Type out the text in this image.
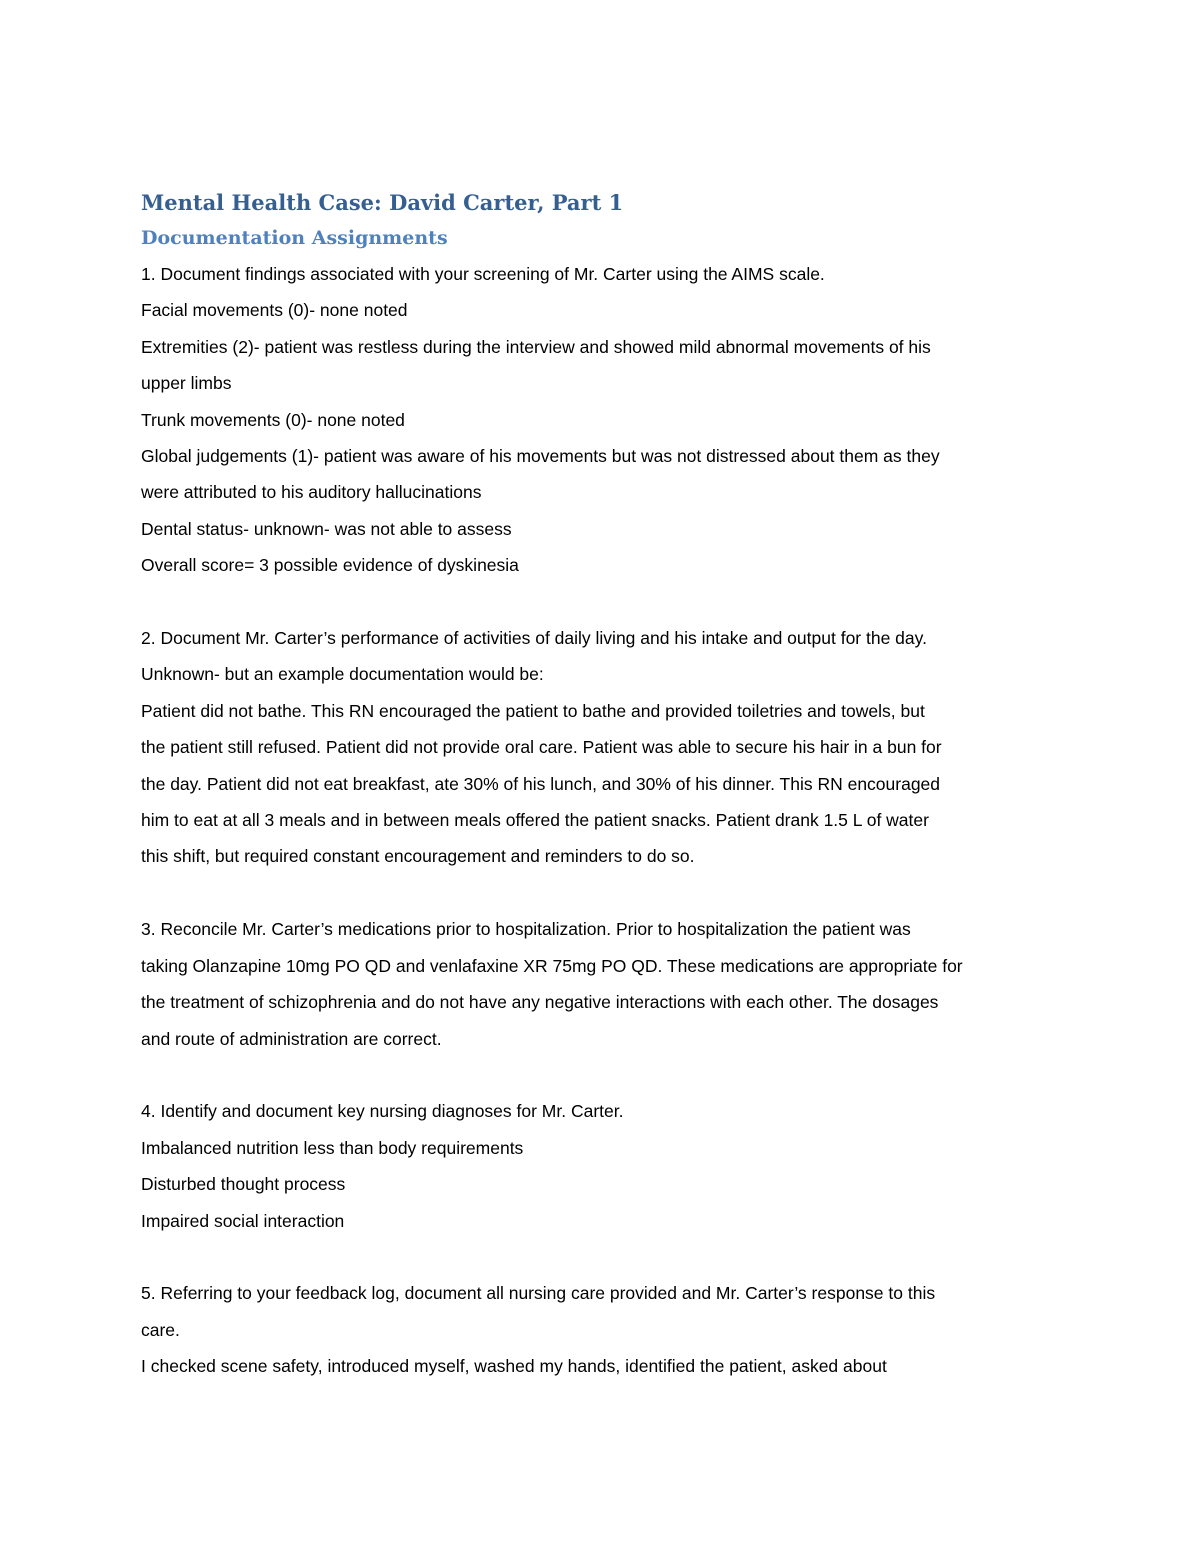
Mental Health Case: David Carter, Part 1
Documentation Assignments

1. Document findings associated with your screening of Mr. Carter using the AIMS scale.

Facial movements (0)- none noted

Extremities (2)- patient was restless during the interview and showed mild abnormal movements of his

upper limbs

Trunk movements (0)- none noted

Global judgements (1)- patient was aware of his movements but was not distressed about them as they

were attributed to his auditory hallucinations

Dental status- unknown- was not able to assess

Overall score= 3 possible evidence of dyskinesia

2. Document Mr. Carter’s performance of activities of daily living and his intake and output for the day.

Unknown- but an example documentation would be:

Patient did not bathe. This RN encouraged the patient to bathe and provided toiletries and towels, but

the patient still refused. Patient did not provide oral care. Patient was able to secure his hair in a bun for

the day. Patient did not eat breakfast, ate 30% of his lunch, and 30% of his dinner. This RN encouraged

him to eat at all 3 meals and in between meals offered the patient snacks. Patient drank 1.5 L of water

this shift, but required constant encouragement and reminders to do so.

3. Reconcile Mr. Carter’s medications prior to hospitalization. Prior to hospitalization the patient was

taking Olanzapine 10mg PO QD and venlafaxine XR 75mg PO QD. These medications are appropriate for

the treatment of schizophrenia and do not have any negative interactions with each other. The dosages

and route of administration are correct.

4. Identify and document key nursing diagnoses for Mr. Carter.

Imbalanced nutrition less than body requirements

Disturbed thought process

Impaired social interaction

5. Referring to your feedback log, document all nursing care provided and Mr. Carter’s response to this

care.

I checked scene safety, introduced myself, washed my hands, identified the patient, asked about
